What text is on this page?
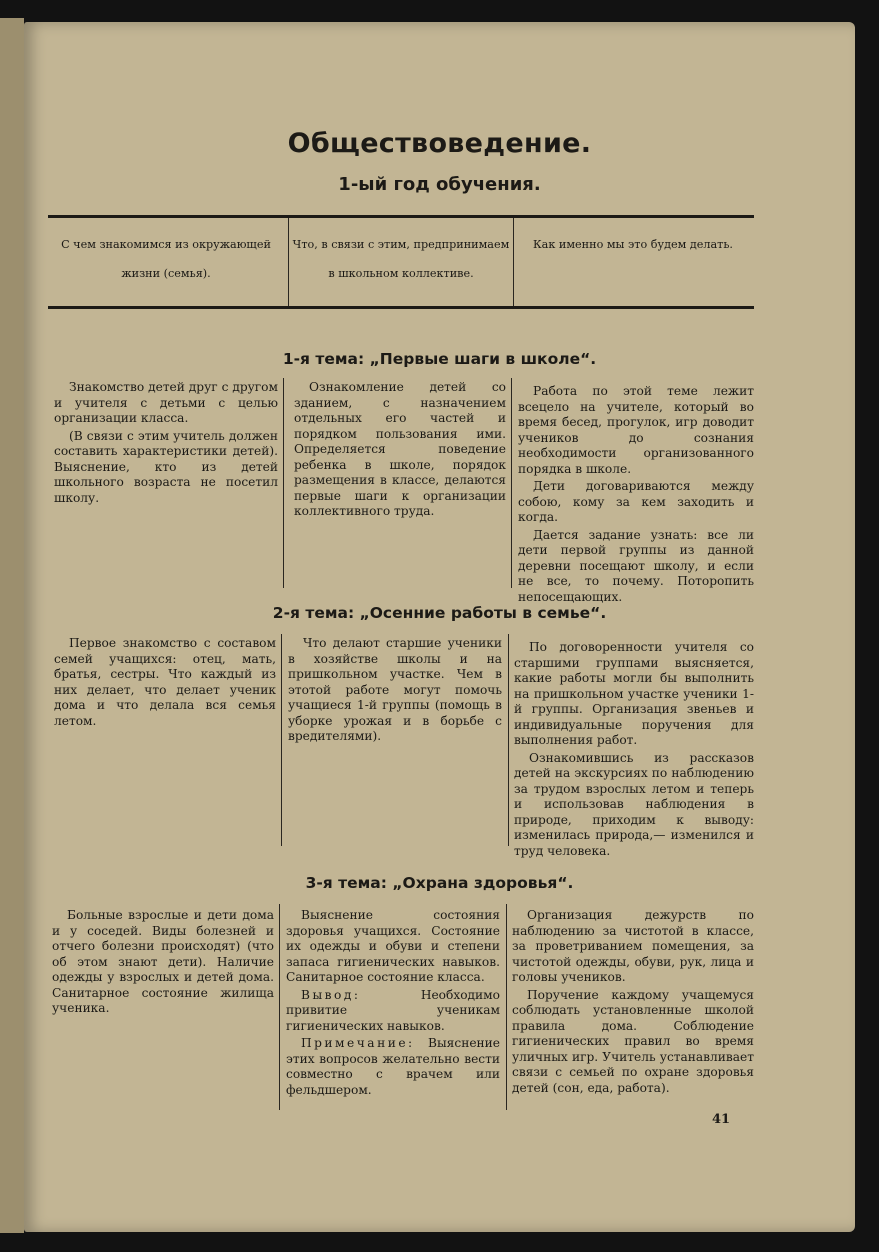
Обществоведение.
1-ый год обучения.
С чем знакомимся из окружающей жизни (семья).
Что, в связи с этим, предпринимаем в школьном коллективе.
Как именно мы это будем делать.
1-я тема: „Первые шаги в школе“.

Знакомство детей друг с другом и учителя с детьми с целью организации класса.

(В связи с этим учитель должен составить характеристики детей). Выяснение, кто из детей школьного возраста не посетил школу.

Ознакомление детей со зданием, с назначением отдельных его частей и порядком пользования ими. Определяется поведение ребенка в школе, порядок размещения в классе, делаются первые шаги к организации коллективного труда.

Работа по этой теме лежит всецело на учителе, который во время бесед, прогулок, игр доводит учеников до сознания необходимости организованного порядка в школе.

Дети договариваются между собою, кому за кем заходить и когда.

Дается задание узнать: все ли дети первой группы из данной деревни посещают школу, и если не все, то почему. Поторопить непосещающих.

2-я тема: „Осенние работы в семье“.

Первое знакомство с составом семей учащихся: отец, мать, братья, сестры. Что каждый из них делает, что делает ученик дома и что делала вся семья летом.

Что делают старшие ученики в хозяйстве школы и на пришкольном участке. Чем в этотой работе могут помочь учащиеся 1-й группы (помощь в уборке урожая и в борьбе с вредителями).

По договоренности учителя со старшими группами выясняется, какие работы могли бы выполнить на пришкольном участке ученики 1-й группы. Организация звеньев и индивидуальные поручения для выполнения работ.

Ознакомившись из рассказов детей на экскурсиях по наблюдению за трудом взрослых летом и теперь и использовав наблюдения в природе, приходим к выводу: изменилась природа,— изменился и труд человека.

3-я тема: „Охрана здоровья“.

Больные взрослые и дети дома и у соседей. Виды болезней и отчего болезни происходят) (что об этом знают дети). Наличие одежды у взрослых и детей дома. Санитарное состояние жилища ученика.

Выяснение состояния здоровья учащихся. Состояние их одежды и обуви и степени запаса гигиенических навыков. Санитарное состояние класса.

Вывод:	Необходимо привитие ученикам гигиенических навыков.

Примечание: Выяснение этих вопросов желательно вести совместно с врачем или фельдшером.

Организация дежурств по наблюдению за чистотой в классе, за проветриванием помещения, за чистотой одежды, обуви, рук, лица и головы учеников.

Поручение каждому учащемуся соблюдать установленные школой правила дома. Соблюдение гигиенических правил во время уличных игр. Учитель устанавливает связи с семьей по охране здоровья детей (сон, еда, работа).

41
